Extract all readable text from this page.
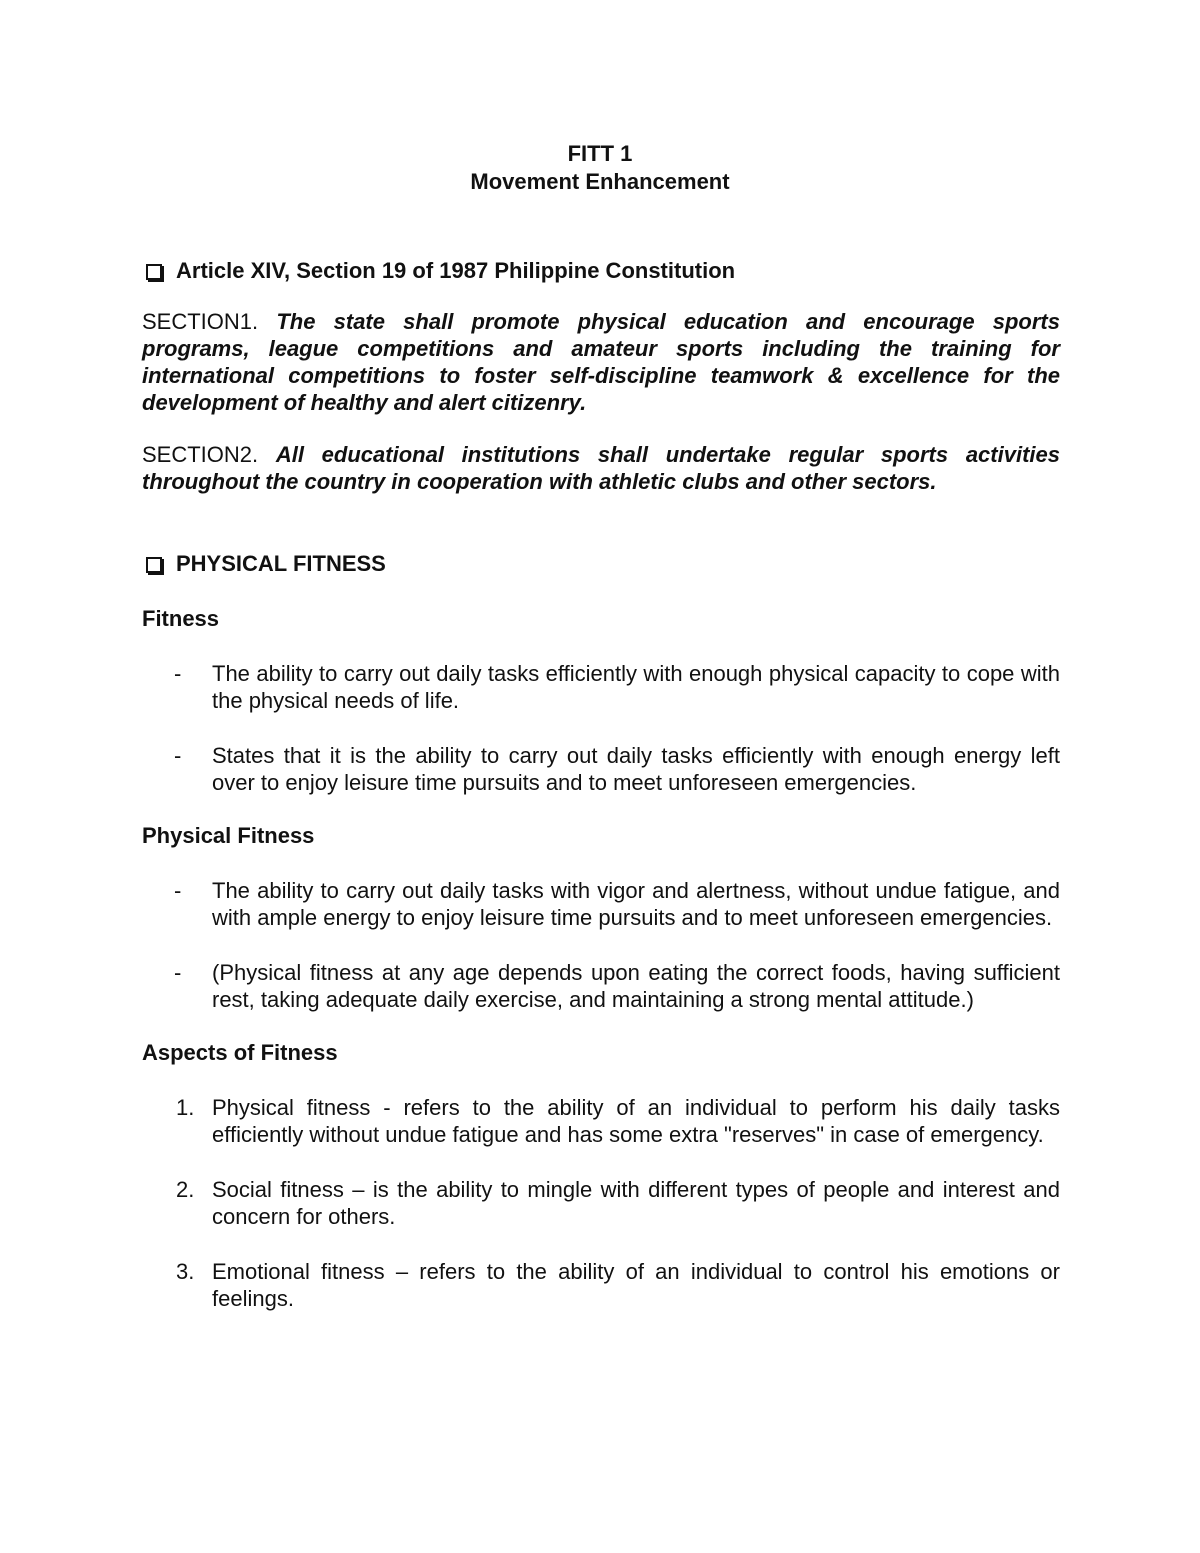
FITT 1
Movement Enhancement
Article XIV, Section 19 of 1987 Philippine Constitution
SECTION1. The state shall promote physical education and encourage sports programs, league competitions and amateur sports including the training for international competitions to foster self-discipline teamwork & excellence for the development of healthy and alert citizenry.
SECTION2. All educational institutions shall undertake regular sports activities throughout the country in cooperation with athletic clubs and other sectors.
PHYSICAL FITNESS
Fitness
- The ability to carry out daily tasks efficiently with enough physical capacity to cope with the physical needs of life.
- States that it is the ability to carry out daily tasks efficiently with enough energy left over to enjoy leisure time pursuits and to meet unforeseen emergencies.
Physical Fitness
- The ability to carry out daily tasks with vigor and alertness, without undue fatigue, and with ample energy to enjoy leisure time pursuits and to meet unforeseen emergencies.
- (Physical fitness at any age depends upon eating the correct foods, having sufficient rest, taking adequate daily exercise, and maintaining a strong mental attitude.)
Aspects of Fitness
1. Physical fitness - refers to the ability of an individual to perform his daily tasks efficiently without undue fatigue and has some extra "reserves" in case of emergency.
2. Social fitness – is the ability to mingle with different types of people and interest and concern for others.
3. Emotional fitness – refers to the ability of an individual to control his emotions or feelings.
